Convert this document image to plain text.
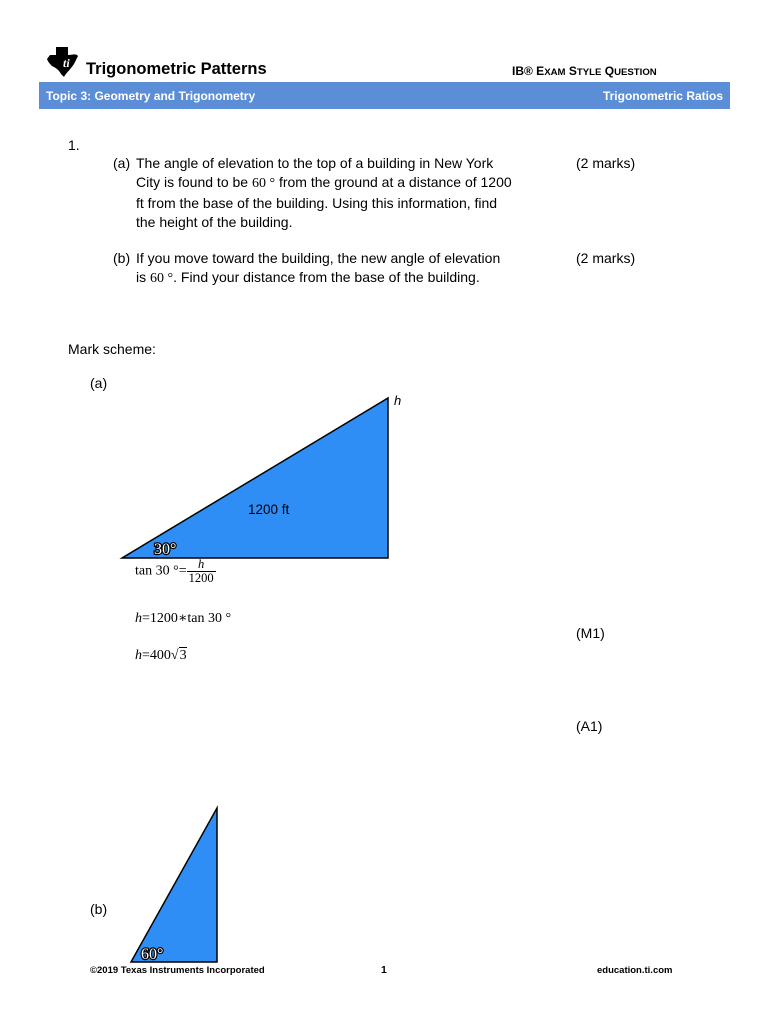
ti Trigonometric Patterns	IB® EXAM STYLE QUESTION
Topic 3: Geometry and Trigonometry	Trigonometric Ratios
1.
(a) The angle of elevation to the top of a building in New York
City is found to be 60 ° from the ground at a distance of 1200
ft from the base of the building. Using this information, find
the height of the building.
(2 marks)
(b) If you move toward the building, the new angle of elevation
is 60 °. Find your distance from the base of the building.
(2 marks)
Mark scheme:
(a)
h
1200 ft
30°
tan 30 °= $\frac{h}{1200}$
h=1200∗tan 30 °
h=400√3
(M1)
(A1)
(b)
60°
©2019 Texas Instruments Incorporated	1	education.ti.com
